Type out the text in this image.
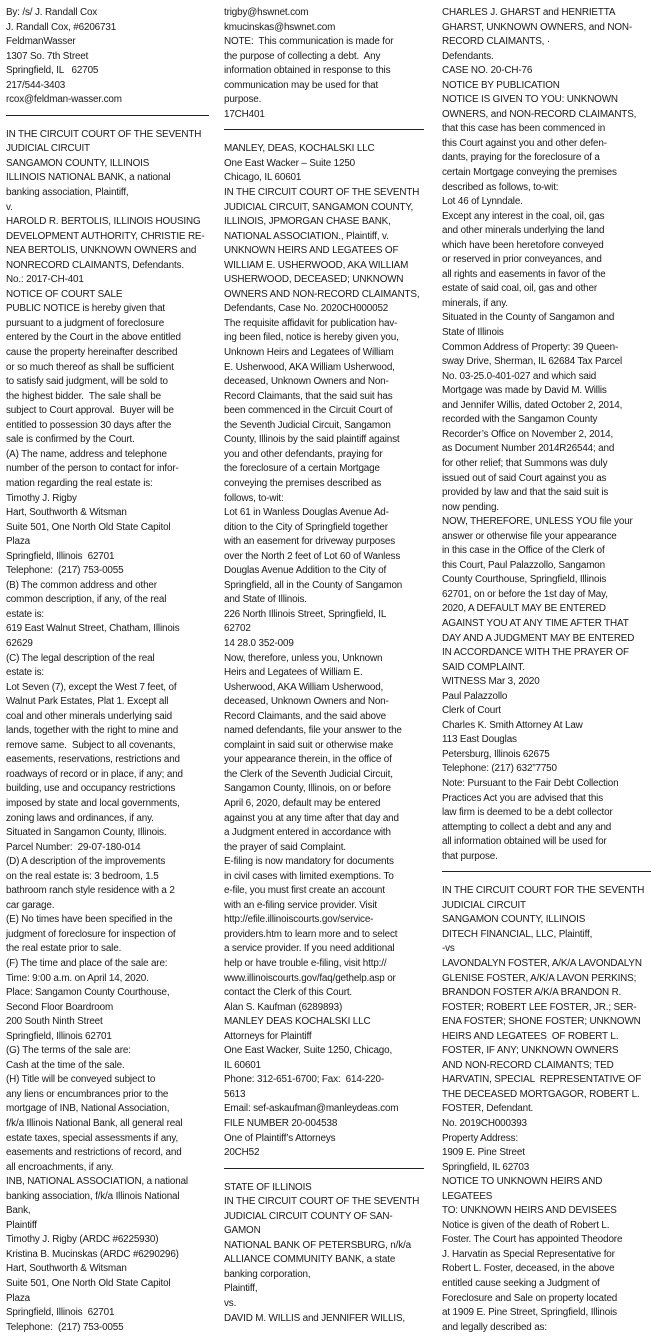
By: /s/ J. Randall Cox
J. Randall Cox, #6206731
FeldmanWasser
1307 So. 7th Street
Springfield, IL   62705
217/544-3403
rcox@feldman-wasser.com

IN THE CIRCUIT COURT OF THE SEVENTH
JUDICIAL CIRCUIT
SANGAMON COUNTY, ILLINOIS
ILLINOIS NATIONAL BANK, a national
banking association, Plaintiff,
v.
HAROLD R. BERTOLIS, ILLINOIS HOUSING
DEVELOPMENT AUTHORITY, CHRISTIE RE-
NEA BERTOLIS, UNKNOWN OWNERS and
NONRECORD CLAIMANTS, Defendants.
No.: 2017-CH-401
NOTICE OF COURT SALE
PUBLIC NOTICE is hereby given that
pursuant to a judgment of foreclosure
entered by the Court in the above entitled
cause the property hereinafter described
or so much thereof as shall be sufficient
to satisfy said judgment, will be sold to
the highest bidder.  The sale shall be
subject to Court approval.  Buyer will be
entitled to possession 30 days after the
sale is confirmed by the Court.
(A) The name, address and telephone
number of the person to contact for infor-
mation regarding the real estate is:
Timothy J. Rigby
Hart, Southworth & Witsman
Suite 501, One North Old State Capitol
Plaza
Springfield, Illinois  62701
Telephone:  (217) 753-0055
(B) The common address and other
common description, if any, of the real
estate is:
619 East Walnut Street, Chatham, Illinois
62629
(C) The legal description of the real
estate is:
Lot Seven (7), except the West 7 feet, of
Walnut Park Estates, Plat 1. Except all
coal and other minerals underlying said
lands, together with the right to mine and
remove same.  Subject to all covenants,
easements, reservations, restrictions and
roadways of record or in place, if any; and
building, use and occupancy restrictions
imposed by state and local governments,
zoning laws and ordinances, if any.
Situated in Sangamon County, Illinois.
Parcel Number:  29-07-180-014
(D) A description of the improvements
on the real estate is: 3 bedroom, 1.5
bathroom ranch style residence with a 2
car garage.
(E) No times have been specified in the
judgment of foreclosure for inspection of
the real estate prior to sale.
(F) The time and place of the sale are:
Time: 9:00 a.m. on April 14, 2020.
Place: Sangamon County Courthouse,
Second Floor Boardroom
200 South Ninth Street
Springfield, Illinois 62701
(G) The terms of the sale are:
Cash at the time of the sale.
(H) Title will be conveyed subject to
any liens or encumbrances prior to the
mortgage of INB, National Association,
f/k/a Illinois National Bank, all general real
estate taxes, special assessments if any,
easements and restrictions of record, and
all encroachments, if any.
INB, NATIONAL ASSOCIATION, a national
banking association, f/k/a Illinois National
Bank,
Plaintiff
Timothy J. Rigby (ARDC #6225930)
Kristina B. Mucinskas (ARDC #6290296)
Hart, Southworth & Witsman
Suite 501, One North Old State Capitol
Plaza
Springfield, Illinois  62701
Telephone:  (217) 753-0055

trigby@hswnet.com
kmucinskas@hswnet.com
NOTE:  This communication is made for
the purpose of collecting a debt.  Any
information obtained in response to this
communication may be used for that
purpose.
17CH401

MANLEY, DEAS, KOCHALSKI LLC
One East Wacker – Suite 1250
Chicago, IL 60601
IN THE CIRCUIT COURT OF THE SEVENTH
JUDICIAL CIRCUIT, SANGAMON COUNTY,
ILLINOIS, JPMORGAN CHASE BANK,
NATIONAL ASSOCIATION., Plaintiff, v.
UNKNOWN HEIRS AND LEGATEES OF
WILLIAM E. USHERWOOD, AKA WILLIAM
USHERWOOD, DECEASED; UNKNOWN
OWNERS AND NON-RECORD CLAIMANTS,
Defendants, Case No. 2020CH000052
The requisite affidavit for publication hav-
ing been filed, notice is hereby given you,
Unknown Heirs and Legatees of William
E. Usherwood, AKA William Usherwood,
deceased, Unknown Owners and Non-
Record Claimants, that the said suit has
been commenced in the Circuit Court of
the Seventh Judicial Circuit, Sangamon
County, Illinois by the said plaintiff against
you and other defendants, praying for
the foreclosure of a certain Mortgage
conveying the premises described as
follows, to-wit:
Lot 61 in Wanless Douglas Avenue Ad-
dition to the City of Springfield together
with an easement for driveway purposes
over the North 2 feet of Lot 60 of Wanless
Douglas Avenue Addition to the City of
Springfield, all in the County of Sangamon
and State of Illinois.
226 North Illinois Street, Springfield, IL
62702
14 28.0 352-009
Now, therefore, unless you, Unknown
Heirs and Legatees of William E.
Usherwood, AKA William Usherwood,
deceased, Unknown Owners and Non-
Record Claimants, and the said above
named defendants, file your answer to the
complaint in said suit or otherwise make
your appearance therein, in the office of
the Clerk of the Seventh Judicial Circuit,
Sangamon County, Illinois, on or before
April 6, 2020, default may be entered
against you at any time after that day and
a Judgment entered in accordance with
the prayer of said Complaint.
E-filing is now mandatory for documents
in civil cases with limited exemptions. To
e-file, you must first create an account
with an e-filing service provider. Visit
http://efile.illinoiscourts.gov/service-
providers.htm to learn more and to select
a service provider. If you need additional
help or have trouble e-filing, visit http://
www.illinoiscourts.gov/faq/gethelp.asp or
contact the Clerk of this Court.
Alan S. Kaufman (6289893)
MANLEY DEAS KOCHALSKI LLC
Attorneys for Plaintiff
One East Wacker, Suite 1250, Chicago,
IL 60601
Phone: 312-651-6700; Fax:  614-220-
5613
Email: sef-askaufman@manleydeas.com
FILE NUMBER 20-004538
One of Plaintiff’s Attorneys
20CH52

STATE OF ILLINOIS
IN THE CIRCUIT COURT OF THE SEVENTH
JUDICIAL CIRCUIT COUNTY OF SAN-
GAMON
NATIONAL BANK OF PETERSBURG, n/k/a
ALLIANCE COMMUNITY BANK, a state
banking corporation,
Plaintiff,
vs.
DAVID M. WILLIS and JENNIFER WILLIS,

CHARLES J. GHARST and HENRIETTA
GHARST, UNKNOWN OWNERS, and NON-
RECORD CLAIMANTS, ·
Defendants.
CASE NO. 20-CH-76
NOTICE BY PUBLICATION
NOTICE IS GIVEN TO YOU: UNKNOWN
OWNERS, and NON-RECORD CLAIMANTS,
that this case has been commenced in
this Court against you and other defen-
dants, praying for the foreclosure of a
certain Mortgage conveying the premises
described as follows, to-wit:
Lot 46 of Lynndale.
Except any interest in the coal, oil, gas
and other minerals underlying the land
which have been heretofore conveyed
or reserved in prior conveyances, and
all rights and easements in favor of the
estate of said coal, oil, gas and other
minerals, if any.
Situated in the County of Sangamon and
State of Illinois
Common Address of Property: 39 Queen-
sway Drive, Sherman, IL 62684 Tax Parcel
No. 03-25.0-401-027 and which said
Mortgage was made by David M. Willis
and Jennifer Willis, dated October 2, 2014,
recorded with the Sangamon County
Recorder’s Office on November 2, 2014,
as Document Number 2014R26544; and
for other relief; that Summons was duly
issued out of said Court against you as
provided by law and that the said suit is
now pending.
NOW, THEREFORE, UNLESS YOU file your
answer or otherwise file your appearance
in this case in the Office of the Clerk of
this Court, Paul Palazzollo, Sangamon
County Courthouse, Springfield, Illinois
62701, on or before the 1st day of May,
2020, A DEFAULT MAY BE ENTERED
AGAINST YOU AT ANY TIME AFTER THAT
DAY AND A JUDGMENT MAY BE ENTERED
IN ACCORDANCE WITH THE PRAYER OF
SAID COMPLAINT.
WITNESS Mar 3, 2020
Paul Palazzollo
Clerk of Court
Charles K. Smith Attorney At Law
113 East Douglas
Petersburg, Illinois 62675
Telephone: (217) 632”7750
Note: Pursuant to the Fair Debt Collection
Practices Act you are advised that this
law firm is deemed to be a debt collector
attempting to collect a debt and any and
all information obtained will be used for
that purpose.

IN THE CIRCUIT COURT FOR THE SEVENTH
JUDICIAL CIRCUIT
SANGAMON COUNTY, ILLINOIS
DITECH FINANCIAL, LLC, Plaintiff,
-vs
LAVONDALYN FOSTER, A/K/A LAVONDALYN
GLENISE FOSTER, A/K/A LAVON PERKINS;
BRANDON FOSTER A/K/A BRANDON R.
FOSTER; ROBERT LEE FOSTER, JR.; SER-
ENA FOSTER; SHONE FOSTER; UNKNOWN
HEIRS AND LEGATEES  OF ROBERT L.
FOSTER, IF ANY; UNKNOWN OWNERS
AND NON-RECORD CLAIMANTS; TED
HARVATIN, SPECIAL  REPRESENTATIVE OF
THE DECEASED MORTGAGOR, ROBERT L.
FOSTER, Defendant.
No. 2019CH000393
Property Address:
1909 E. Pine Street
Springfield, IL 62703
NOTICE TO UNKNOWN HEIRS AND
LEGATEES
TO: UNKNOWN HEIRS AND DEVISEES
Notice is given of the death of Robert L.
Foster. The Court has appointed Theodore
J. Harvatin as Special Representative for
Robert L. Foster, deceased, in the above
entitled cause seeking a Judgment of
Foreclosure and Sale on property located
at 1909 E. Pine Street, Springfield, Illinois
and legally described as:
